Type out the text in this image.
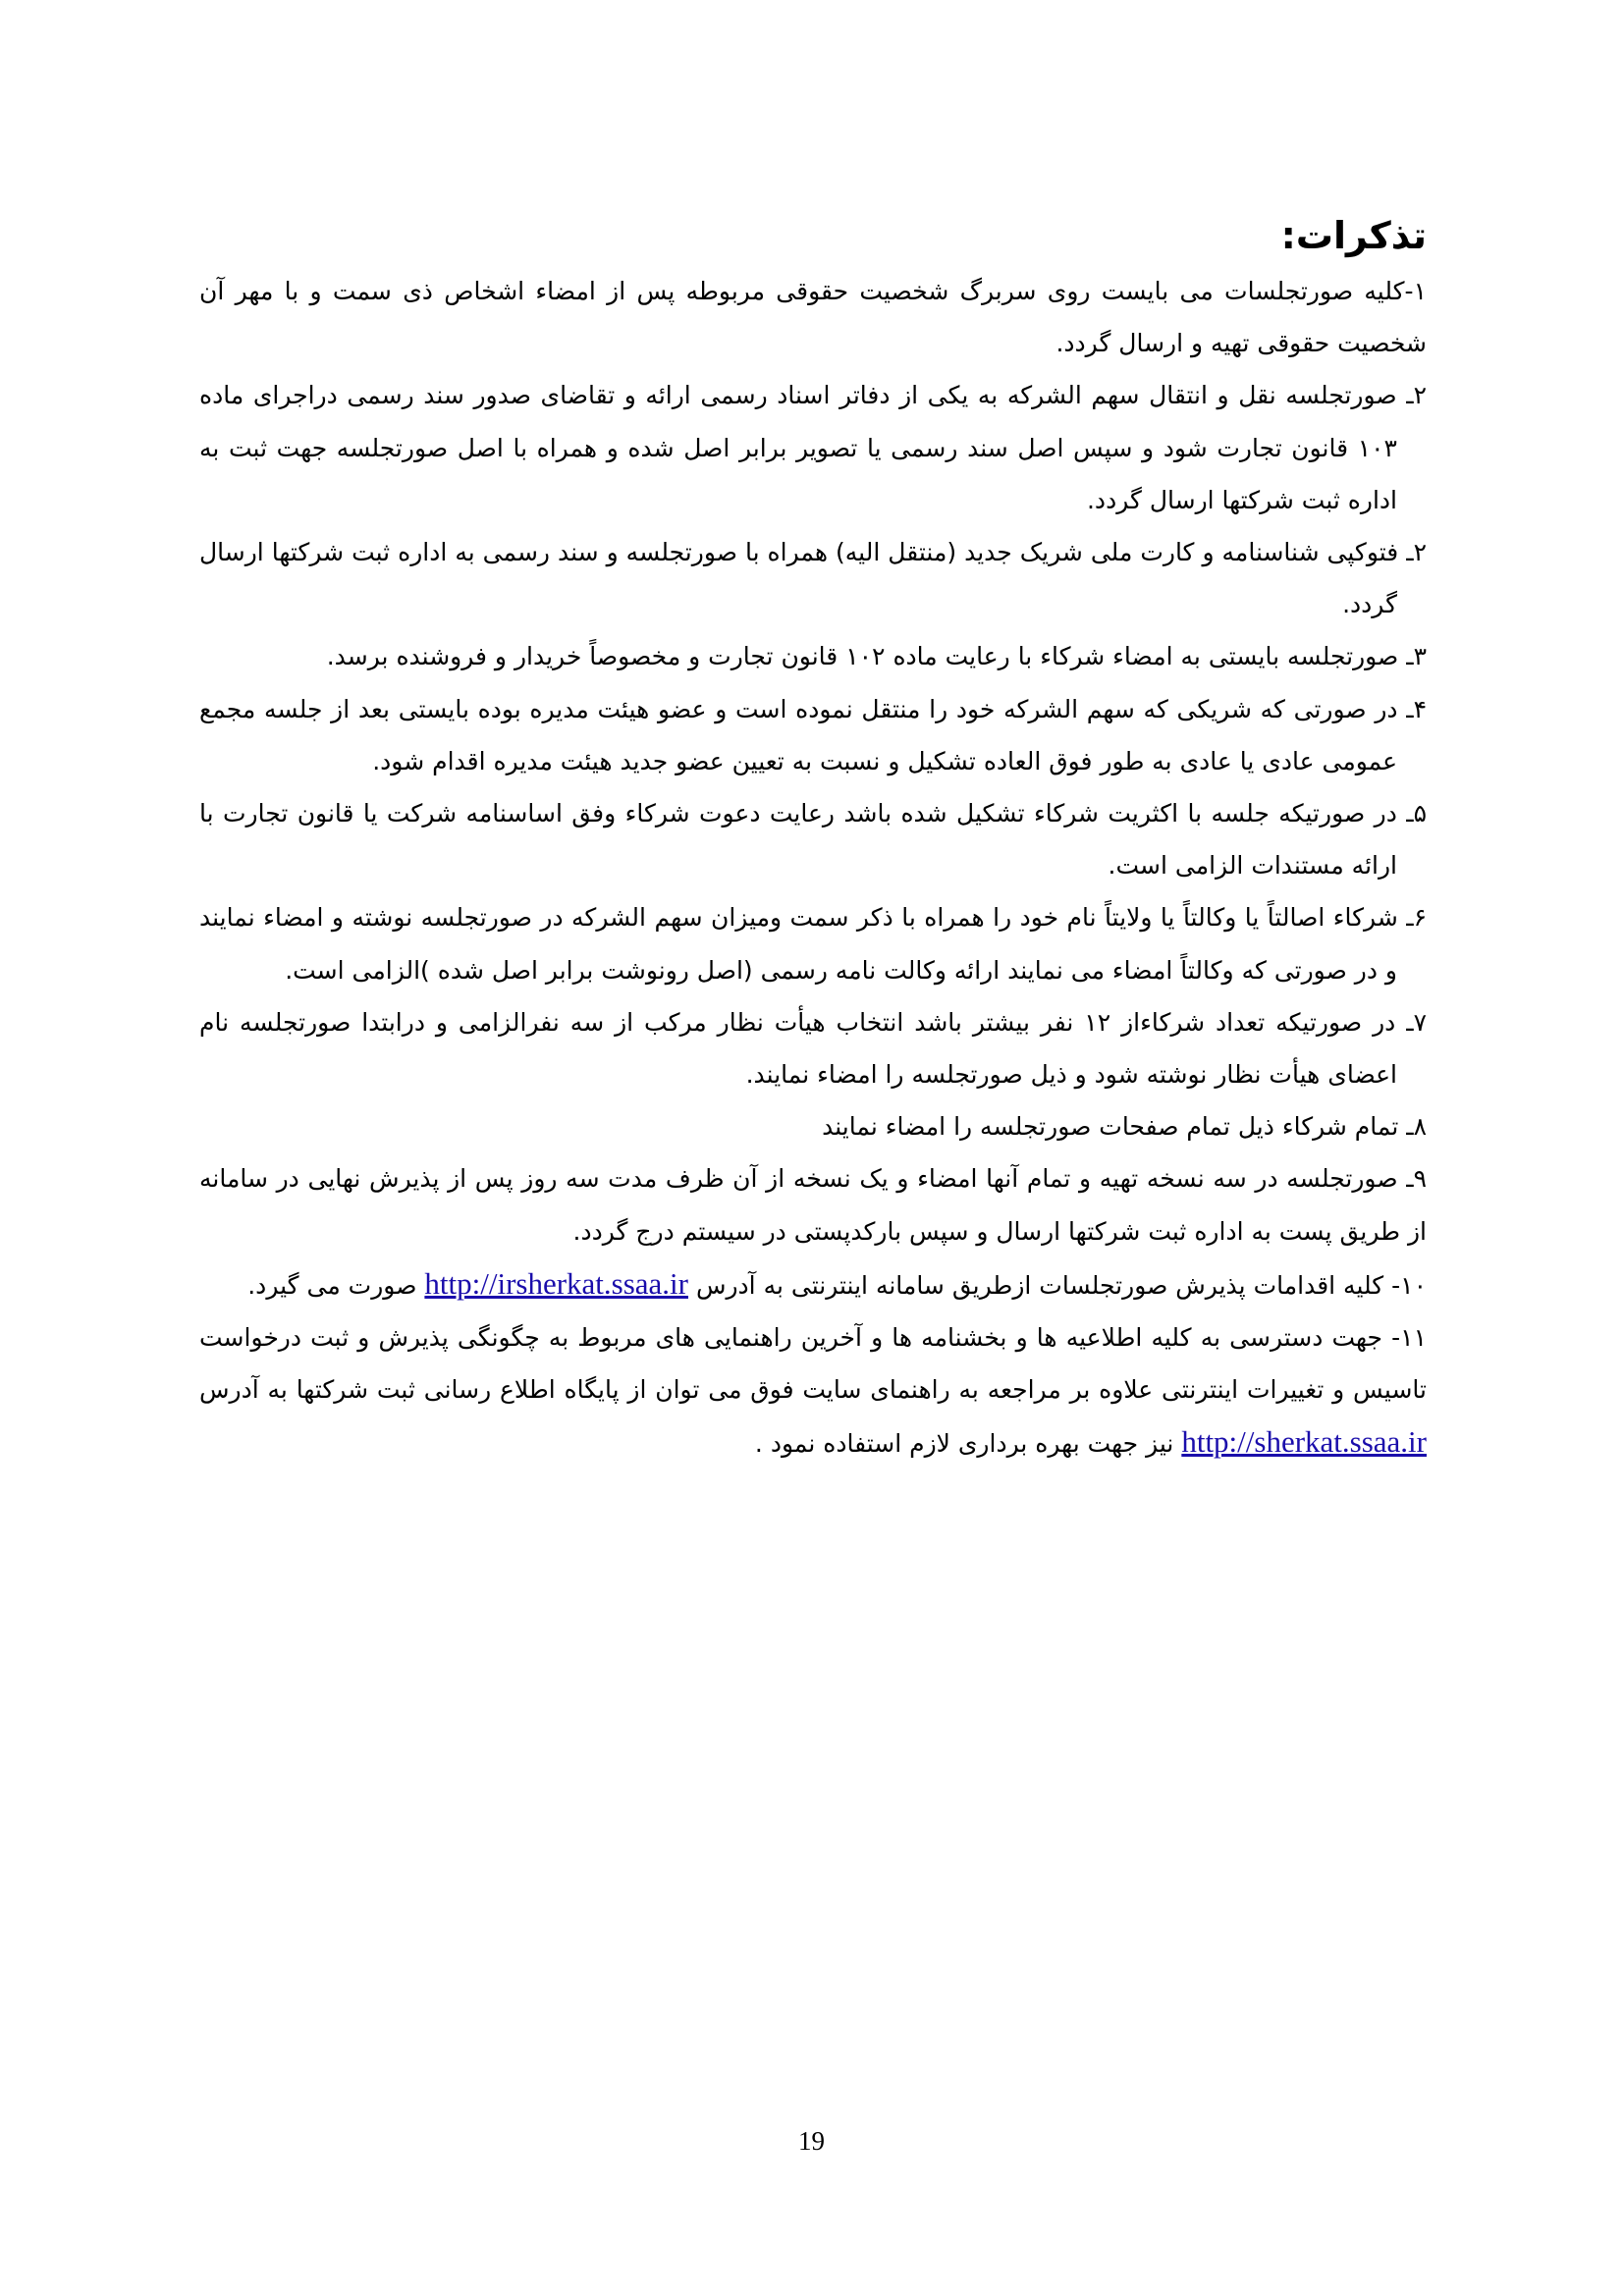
تذکرات:

۱-کلیه صورتجلسات می بایست روی سربرگ شخصیت حقوقی مربوطه پس از امضاء اشخاص ذی سمت و با مهر آن شخصیت حقوقی تهیه و ارسال گردد.

۲ـ صورتجلسه نقل و انتقال سهم الشرکه به یکی از دفاتر اسناد رسمی ارائه و تقاضای صدور سند رسمی دراجرای ماده ۱۰۳ قانون تجارت شود و سپس اصل سند رسمی یا تصویر برابر اصل شده و همراه با اصل صورتجلسه جهت ثبت به اداره ثبت شرکتها ارسال گردد.

۲ـ فتوکپی شناسنامه و کارت ملی شریک جدید (منتقل الیه) همراه با صورتجلسه و سند رسمی به اداره ثبت شرکتها ارسال گردد.

۳ـ صورتجلسه بایستی به امضاء شرکاء با رعایت ماده ۱۰۲ قانون تجارت و مخصوصاً خریدار و فروشنده برسد.

۴ـ در صورتی که شریکی که سهم الشرکه خود را منتقل نموده است و عضو هیئت مدیره بوده بایستی بعد از جلسه مجمع عمومی عادی یا عادی به طور فوق العاده تشکیل و نسبت به تعیین عضو جدید هیئت مدیره اقدام شود.

۵ـ در صورتیکه جلسه با اکثریت شرکاء تشکیل شده باشد رعایت دعوت شرکاء وفق اساسنامه شرکت یا قانون تجارت با ارائه مستندات الزامی است.

۶ـ شرکاء اصالتاً یا وکالتاً یا ولایتاً نام خود را همراه با ذکر سمت ومیزان سهم الشرکه در صورتجلسه نوشته و امضاء نمایند و در صورتی که وکالتاً امضاء می نمایند ارائه وکالت نامه رسمی (اصل رونوشت برابر اصل شده )الزامی است.

۷ـ در صورتیکه تعداد شرکاءاز ۱۲ نفر بیشتر باشد انتخاب هیأت نظار مرکب از سه نفرالزامی و درابتدا صورتجلسه نام اعضای هیأت نظار نوشته شود و ذیل صورتجلسه را امضاء نمایند.

۸ـ تمام شرکاء ذیل تمام صفحات صورتجلسه را امضاء نمایند

۹ـ صورتجلسه در سه نسخه تهیه و تمام آنها امضاء و یک نسخه از آن ظرف مدت سه روز پس از پذیرش نهایی در سامانه از طریق پست به اداره ثبت شرکتها ارسال و سپس بارکدپستی در سیستم درج گردد.

۱۰- کلیه اقدامات پذیرش صورتجلسات ازطریق سامانه اینترنتی به آدرس http://irsherkat.ssaa.ir صورت می گیرد.

۱۱- جهت دسترسی به کلیه اطلاعیه ها و بخشنامه ها و آخرین راهنمایی های مربوط به چگونگی پذیرش و ثبت درخواست تاسیس و تغییرات اینترنتی علاوه بر مراجعه به راهنمای سایت فوق می توان از پایگاه اطلاع رسانی ثبت شرکتها به آدرس http://sherkat.ssaa.ir نیز جهت بهره برداری لازم استفاده نمود .

19
